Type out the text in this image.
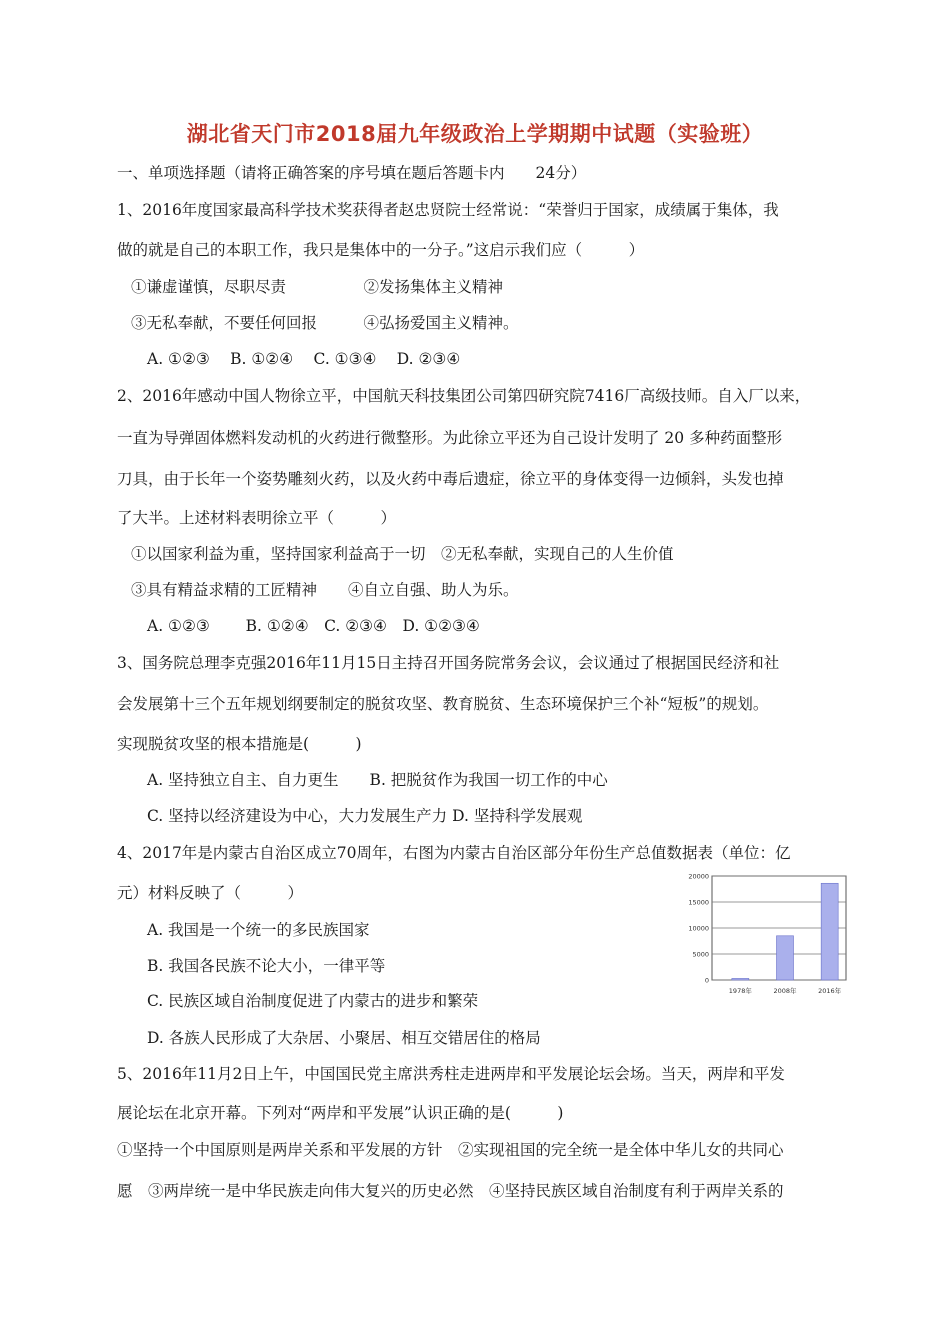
湖北省天门市2018届九年级政治上学期期中试题（实验班）
一、单项选择题（请将正确答案的序号填在题后答题卡内　　24分）
1、2016年度国家最高科学技术奖获得者赵忠贤院士经常说：“荣誉归于国家，成绩属于集体，我
做的就是自己的本职工作，我只是集体中的一分子。”这启示我们应（　　　）
①谦虚谨慎，尽职尽责　　　　　②发扬集体主义精神
③无私奉献，不要任何回报　　　④弘扬爱国主义精神。
A. ①②③　 B. ①②④　 C. ①③④　 D. ②③④
2、2016年感动中国人物徐立平，中国航天科技集团公司第四研究院7416厂高级技师。自入厂以来，
一直为导弹固体燃料发动机的火药进行微整形。为此徐立平还为自己设计发明了 20 多种药面整形
刀具，由于长年一个姿势雕刻火药，以及火药中毒后遗症，徐立平的身体变得一边倾斜，头发也掉
了大半。上述材料表明徐立平（　　　）
①以国家利益为重，坚持国家利益高于一切　②无私奉献，实现自己的人生价值
③具有精益求精的工匠精神　　④自立自强、助人为乐。
A. ①②③　　 B. ①②④　C. ②③④　D. ①②③④
3、国务院总理李克强2016年11月15日主持召开国务院常务会议，会议通过了根据国民经济和社
会发展第十三个五年规划纲要制定的脱贫攻坚、教育脱贫、生态环境保护三个补“短板”的规划。
实现脱贫攻坚的根本措施是(　　　)
A. 坚持独立自主、自力更生　　B. 把脱贫作为我国一切工作的中心
C. 坚持以经济建设为中心，大力发展生产力 D. 坚持科学发展观
4、2017年是内蒙古自治区成立70周年，右图为内蒙古自治区部分年份生产总值数据表（单位：亿
元）材料反映了（　　　）
A. 我国是一个统一的多民族国家
B. 我国各民族不论大小，一律平等
C. 民族区域自治制度促进了内蒙古的进步和繁荣
D. 各族人民形成了大杂居、小聚居、相互交错居住的格局
20000
15000
10000
5000
0
1978年	2008年	2016年
5、2016年11月2日上午，中国国民党主席洪秀柱走进两岸和平发展论坛会场。当天，两岸和平发
展论坛在北京开幕。下列对“两岸和平发展”认识正确的是(　　　)
①坚持一个中国原则是两岸关系和平发展的方针　②实现祖国的完全统一是全体中华儿女的共同心
愿　③两岸统一是中华民族走向伟大复兴的历史必然　④坚持民族区域自治制度有利于两岸关系的
